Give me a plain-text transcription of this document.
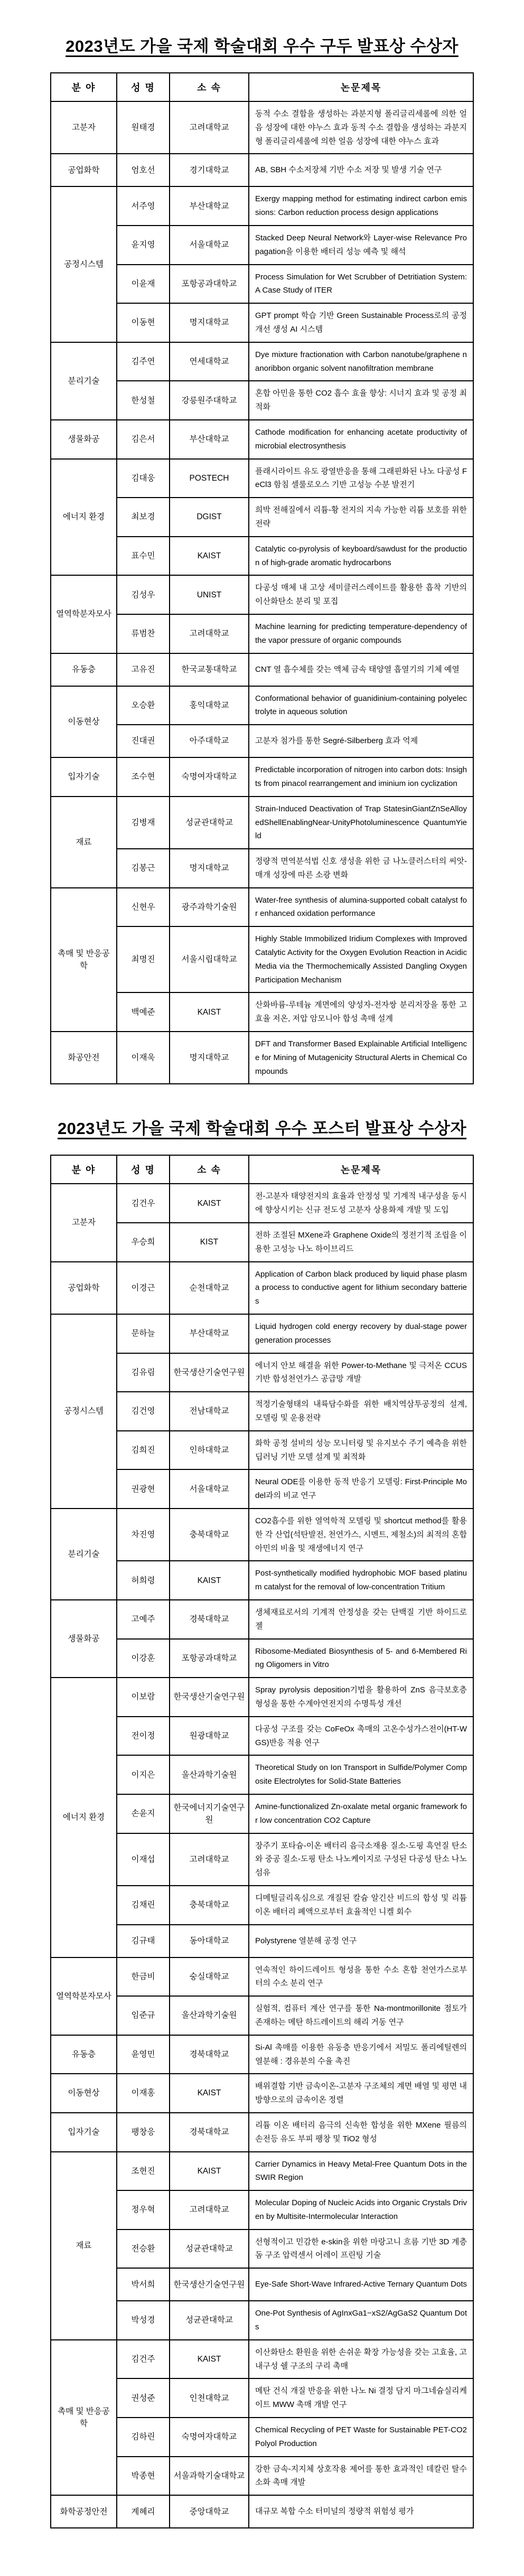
2023년도 가을 국제 학술대회 우수 구두 발표상 수상자
분 야	성 명	소 속	논문제목
고분자	원태경	고려대학교	동적 수소 결합을 생성하는 과분지형 폴리글리세롤에 의한 얼음 성장에 대한 야누스 효과 동적 수소 결합을 생성하는 과분지형 폴리글리세롤에 의한 얼음 성장에 대한 야누스 효과
공업화학	엄호선	경기대학교	AB, SBH 수소저장체 기반 수소 저장 및 발생 기술 연구
공정시스템	서주영	부산대학교	Exergy mapping method for estimating indirect carbon emissions: Carbon reduction process design applications
	윤지영	서울대학교	Stacked Deep Neural Network와 Layer-wise Relevance Propagation을 이용한 배터리 성능 예측 및 해석
	이윤재	포항공과대학교	Process Simulation for Wet Scrubber of Detritiation System: A Case Study of ITER
	이동현	명지대학교	GPT prompt 학습 기반 Green Sustainable Process로의 공정 개선 생성 AI 시스템
분리기술	김주연	연세대학교	Dye mixture fractionation with Carbon nanotube/graphene nanoribbon organic solvent nanofiltration membrane
	한성철	강릉원주대학교	혼합 아민을 통한 CO2 흡수 효율 향상: 시너지 효과 및 공정 최적화
생물화공	김은서	부산대학교	Cathode modification for enhancing acetate productivity of microbial electrosynthesis
에너지 환경	김대웅	POSTECH	플래시라이트 유도 광열반응을 통해 그래핀화된 나노 다공성 FeCl3 함침 셀룰로오스 기반 고성능 수분 발전기
	최보경	DGIST	희박 전해질에서 리튬-황 전지의 지속 가능한 리튬 보호를 위한 전략
	표수민	KAIST	Catalytic co-pyrolysis of keyboard/sawdust for the production of high-grade aromatic hydrocarbons
열역학분자모사	김성우	UNIST	다공성 매체 내 고상 세미클러스레이트를 활용한 흡착 기반의 이산화탄소 분리 및 포집
	류범찬	고려대학교	Machine learning for predicting temperature-dependency of the vapor pressure of organic compounds
유동층	고유진	한국교통대학교	CNT 열 흡수체를 갖는 액체 금속 태양열 흡열기의 기체 예열
이동현상	오승환	홍익대학교	Conformational behavior of guanidinium-containing polyelectrolyte in aqueous solution
	진대권	아주대학교	고분자 첨가를 통한 Segré-Silberberg 효과 억제
입자기술	조수현	숙명여자대학교	Predictable incorporation of nitrogen into carbon dots: Insights from pinacol rearrangement and iminium ion cyclization
재료	김병재	성균관대학교	Strain-Induced Deactivation of Trap StatesinGiantZnSeAlloyedShellEnablingNear-UnityPhotoluminescence QuantumYield
	김봉근	명지대학교	정량적 면역분석법 신호 생성을 위한 금 나노클러스터의 씨앗-매개 성장에 따른 소광 변화
촉매 및 반응공학	신현우	광주과학기술원	Water-free synthesis of alumina-supported cobalt catalyst for enhanced oxidation performance
	최명진	서울시립대학교	Highly Stable Immobilized Iridium Complexes with Improved Catalytic Activity for the Oxygen Evolution Reaction in Acidic Media via the Thermochemically Assisted Dangling Oxygen Participation Mechanism
	백예준	KAIST	산화바륨-루테늄 계면에의 양성자-전자쌍 분리저장을 통한 고효율 저온, 저압 암모니아 합성 촉매 설계
화공안전	이재욱	명지대학교	DFT and Transformer Based Explainable Artificial Intelligence for Mining of Mutagenicity Structural Alerts in Chemical Compounds
2023년도 가을 국제 학술대회 우수 포스터 발표상 수상자
분 야	성 명	소 속	논문제목
고분자	김건우	KAIST	전-고분자 태양전지의 효율과 안정성 및 기계적 내구성을 동시에 향상시키는 신규 전도성 고분자 상용화제 개발 및 도입
	우승희	KIST	전하 조절된 MXene과 Graphene Oxide의 정전기적 조립을 이용한 고성능 나노 하이브리드
공업화학	이경근	순천대학교	Application of Carbon black produced by liquid phase plasma process to conductive agent for lithium secondary batteries
공정시스템	문하늘	부산대학교	Liquid hydrogen cold energy recovery by dual-stage power generation processes
	김유림	한국생산기술연구원	에너지 안보 해결을 위한 Power-to-Methane 및 극저온 CCUS 기반 합성천연가스 공급망 개발
	김건영	전남대학교	적정기술형태의 내륙담수화를 위한 배치역삼투공정의 설계, 모델링 및 운용전략
	김희진	인하대학교	화학 공정 설비의 성능 모니터링 및 유지보수 주기 예측을 위한 딥러닝 기반 모델 설계 및 최적화
	권광현	서울대학교	Neural ODE를 이용한 동적 반응기 모델링: First-Principle Model과의 비교 연구
분리기술	차진영	충북대학교	CO2흡수를 위한 열역학적 모델링 및 shortcut method를 활용한 각 산업(석탄발전, 천연가스, 시멘트, 제철소)의 최적의 혼합 아민의 비율 및 재생에너지 연구
	허희령	KAIST	Post-synthetically modified hydrophobic MOF based platinum catalyst for the removal of low-concentration Tritium
생물화공	고예주	경북대학교	생체재료로서의 기계적 안정성을 갖는 단백질 기반 하이드로젤
	이강훈	포항공과대학교	Ribosome-Mediated Biosynthesis of 5- and 6-Membered Ring Oligomers in Vitro
에너지 환경	이보람	한국생산기술연구원	Spray pyrolysis deposition기법을 활용하여 ZnS 음극보호층 형성을 통한 수계아연전지의 수명특성 개선
	전이정	원광대학교	다공성 구조를 갖는 CoFeOx 촉매의 고온수성가스전이(HT-WGS)반응 적용 연구
	이지은	울산과학기술원	Theoretical Study on Ion Transport in Sulfide/Polymer Composite Electrolytes for Solid-State Batteries
	손윤지	한국에너지기술연구원	Amine-functionalized Zn-oxalate metal organic framework for low concentration CO2 Capture
	이재섭	고려대학교	장주기 포타슘-이온 배터리 음극소재용 질소-도핑 흑연질 탄소와 중공 질소-도핑 탄소 나노케이지로 구성된 다공성 탄소 나노섬유
	김채린	충북대학교	디메틸글리옥심으로 개질된 칼슘 알긴산 비드의 합성 및 리튬 이온 배터리 폐액으로부터 효율적인 니켈 회수
	김규태	동아대학교	Polystyrene 열분해 공정 연구
열역학분자모사	한금비	숭실대학교	연속적인 하이드레이트 형성을 통한 수소 혼합 천연가스로부터의 수소 분리 연구
	임준규	울산과학기술원	실험적, 컴퓨터 계산 연구를 통한 Na-montmorillonite 점토가 존재하는 메탄 하드레이트의 해리 거동 연구
유동층	윤영민	경북대학교	Si-Al 촉매를 이용한 유동층 반응기에서 저밀도 폴리에틸렌의 열분해 : 경유분의 수율 촉진
이동현상	이재홍	KAIST	배위결합 기반 금속이온-고분자 구조체의 계면 배열 및 평면 내 방향으로의 금속이온 정렬
입자기술	팽창응	경북대학교	리튬 이온 배터리 음극의 신속한 합성을 위한 MXene 필름의 손전등 유도 부피 팽창 및 TiO2 형성
재료	조현진	KAIST	Carrier Dynamics in Heavy Metal-Free Quantum Dots in the SWIR Region
	정우혁	고려대학교	Molecular Doping of Nucleic Acids into Organic Crystals Driven by Multisite-Intermolecular Interaction
	전승환	성균관대학교	선형적이고 민감한 e-skin을 위한 마랑고니 흐름 기반 3D 계층돔 구조 압력센서 어레이 프린팅 기술
	박서희	한국생산기술연구원	Eye-Safe Short-Wave Infrared-Active Ternary Quantum Dots
	박성경	성균관대학교	One-Pot Synthesis of AgInxGa1−xS2/AgGaS2 Quantum Dots
촉매 및 반응공학	김건주	KAIST	이산화탄소 환원을 위한 손쉬운 확장 가능성을 갖는 고효율, 고내구성 쉘 구조의 구리 촉매
	권성준	인천대학교	메탄 건식 개질 반응을 위한 나노 Ni 결정 담지 마그네슘실리케이트 MWW 촉매 개발 연구
	김하린	숙명여자대학교	Chemical Recycling of PET Waste for Sustainable PET-CO2 Polyol Production
	박종현	서울과학기술대학교	강한 금속-지지체 상호작용 제어를 통한 효과적인 데칼린 탈수소화 촉매 개발
화학공정안전	계혜리	중앙대학교	대규모 복합 수소 터미널의 정량적 위험성 평가
